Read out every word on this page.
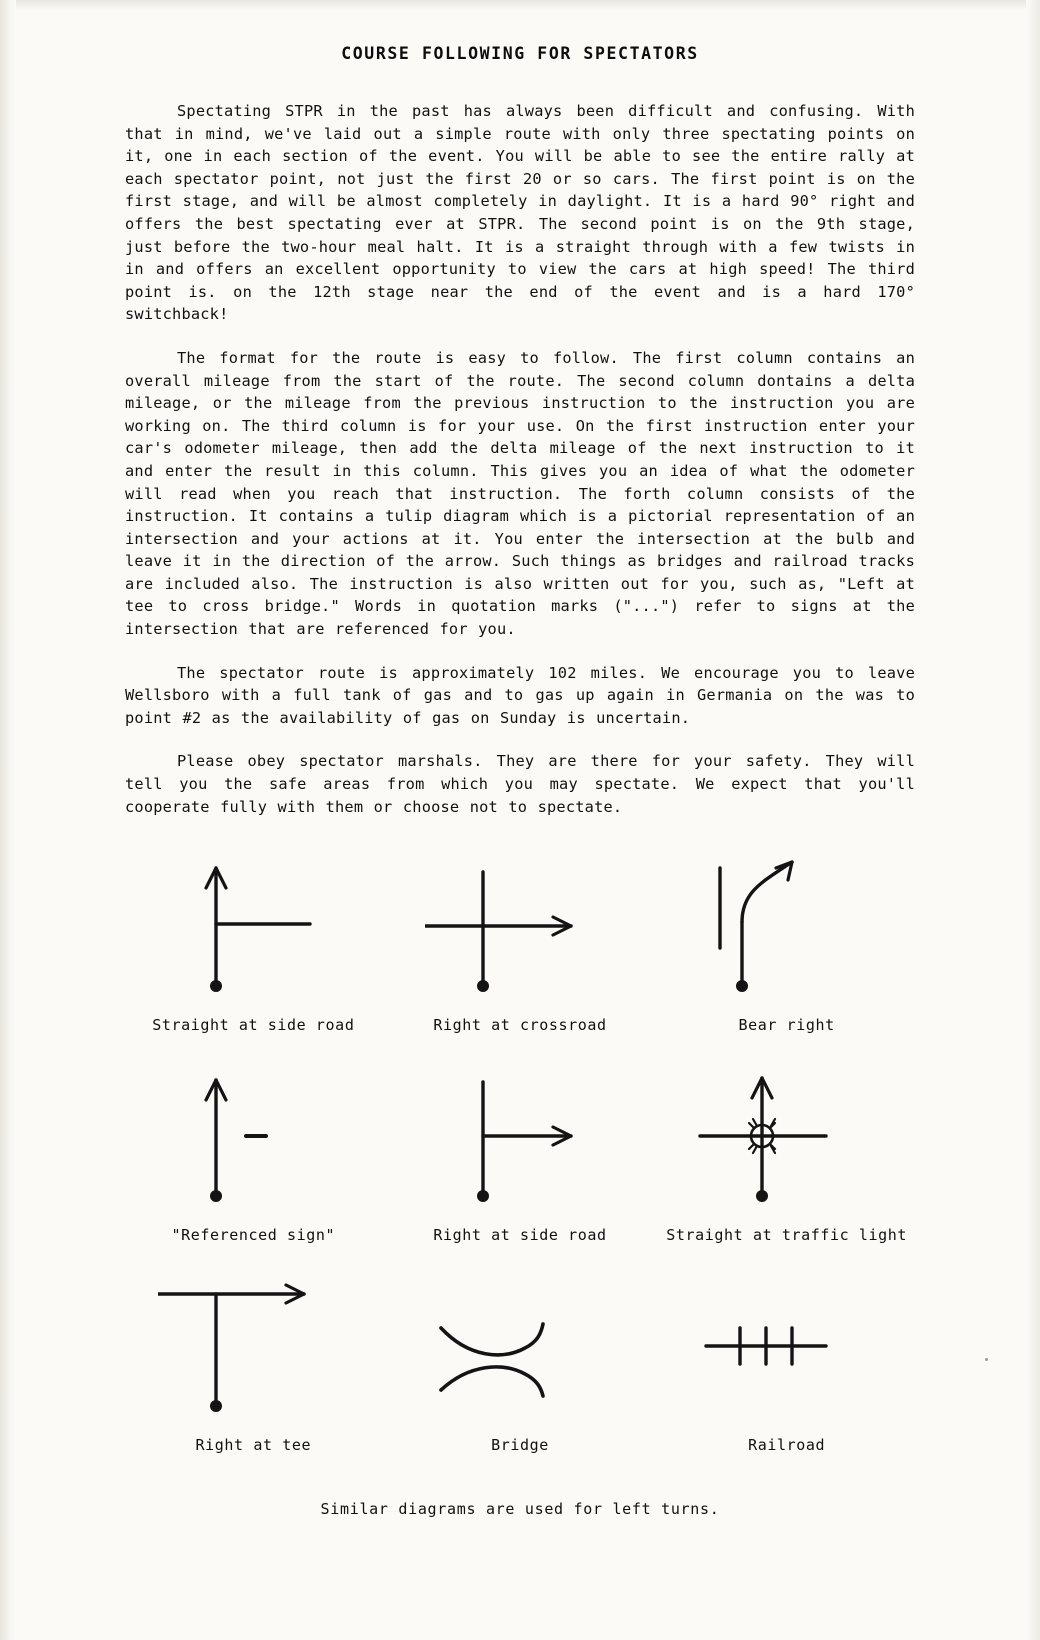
COURSE FOLLOWING FOR SPECTATORS

Spectating STPR in the past has always been difficult and confusing. With that in mind, we've laid out a simple route with only three spectating points on it, one in each section of the event. You will be able to see the entire rally at each spectator point, not just the first 20 or so cars. The first point is on the first stage, and will be almost completely in daylight. It is a hard 90° right and offers the best spectating ever at STPR. The second point is on the 9th stage, just before the two-hour meal halt. It is a straight through with a few twists in in and offers an excellent opportunity to view the cars at high speed! The third point is. on the 12th stage near the end of the event and is a hard 170° switchback!

The format for the route is easy to follow. The first column contains an overall mileage from the start of the route. The second column dontains a delta mileage, or the mileage from the previous instruction to the instruction you are working on. The third column is for your use. On the first instruction enter your car's odometer mileage, then add the delta mileage of the next instruction to it and enter the result in this column. This gives you an idea of what the odometer will read when you reach that instruction. The forth column consists of the instruction. It contains a tulip diagram which is a pictorial representation of an intersection and your actions at it. You enter the intersection at the bulb and leave it in the direction of the arrow. Such things as bridges and railroad tracks are included also. The instruction is also written out for you, such as, "Left at tee to cross bridge." Words in quotation marks ("...") refer to signs at the intersection that are referenced for you.

The spectator route is approximately 102 miles. We encourage you to leave Wellsboro with a full tank of gas and to gas up again in Germania on the was to point #2 as the availability of gas on Sunday is uncertain.

Please obey spectator marshals. They are there for your safety. They will tell you the safe areas from which you may spectate. We expect that you'll cooperate fully with them or choose not to spectate.

Straight at side road	Right at crossroad	Bear right
"Referenced sign"	Right at side road	Straight at traffic light
Right at tee	Bridge	Railroad
Similar diagrams are used for left turns.
